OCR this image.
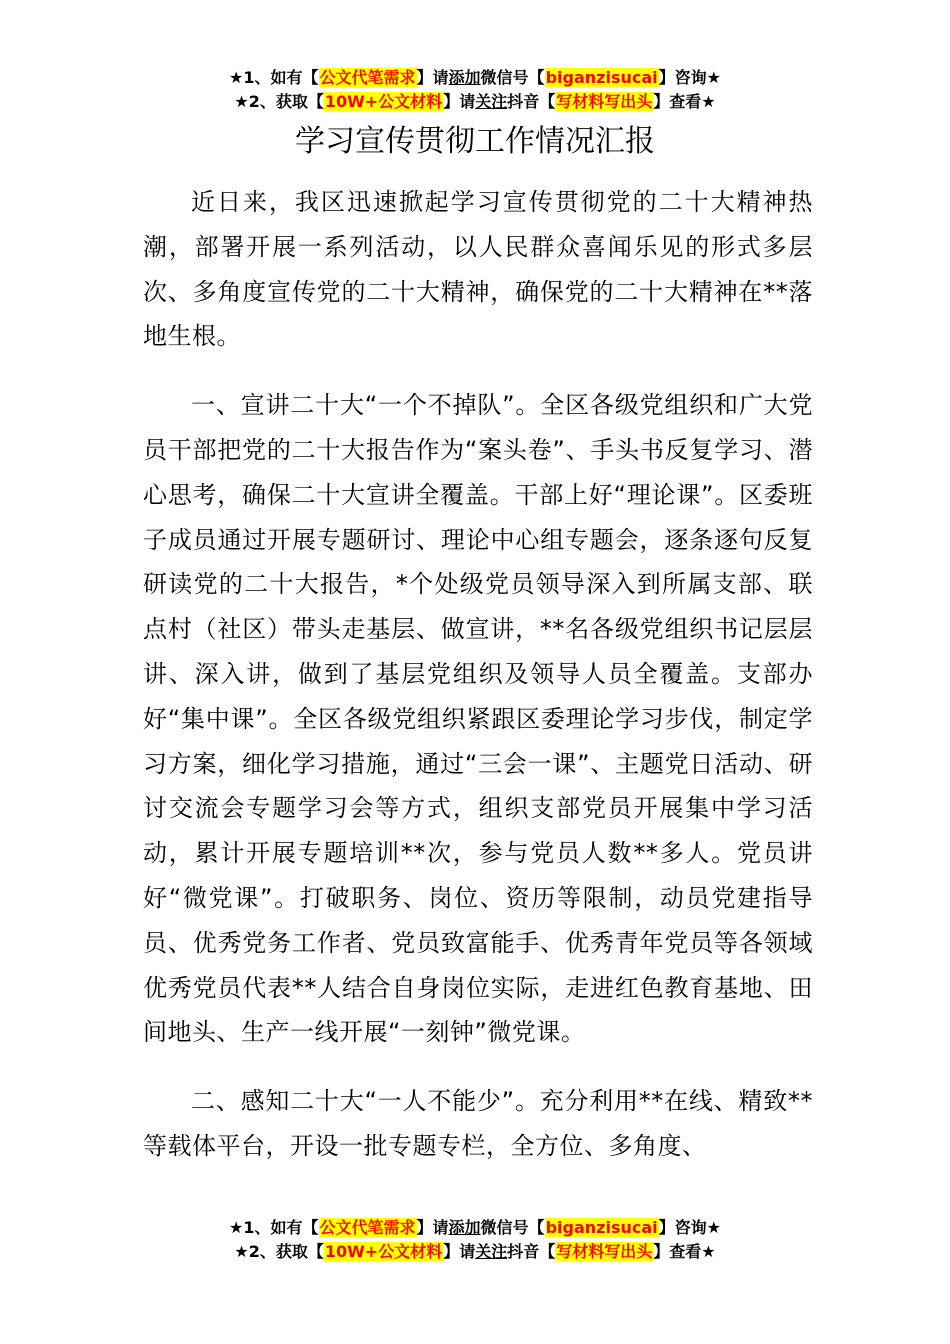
★1、如有【公文代笔需求】请添加微信号【biganzisucai】咨询★
★2、获取【10W+公文材料】请关注抖音【写材料写出头】查看★
学习宣传贯彻工作情况汇报

近日来，我区迅速掀起学习宣传贯彻党的二十大精神热潮，部署开展一系列活动，以人民群众喜闻乐见的形式多层次、多角度宣传党的二十大精神，确保党的二十大精神在**落地生根。

一、宣讲二十大“一个不掉队”。全区各级党组织和广大党员干部把党的二十大报告作为“案头卷”、手头书反复学习、潜心思考，确保二十大宣讲全覆盖。干部上好“理论课”。区委班子成员通过开展专题研讨、理论中心组专题会，逐条逐句反复研读党的二十大报告，*个处级党员领导深入到所属支部、联点村（社区）带头走基层、做宣讲，**名各级党组织书记层层讲、深入讲，做到了基层党组织及领导人员全覆盖。支部办好“集中课”。全区各级党组织紧跟区委理论学习步伐，制定学习方案，细化学习措施，通过“三会一课”、主题党日活动、研讨交流会专题学习会等方式，组织支部党员开展集中学习活动，累计开展专题培训**次，参与党员人数**多人。党员讲好“微党课”。打破职务、岗位、资历等限制，动员党建指导员、优秀党务工作者、党员致富能手、优秀青年党员等各领域优秀党员代表**人结合自身岗位实际，走进红色教育基地、田间地头、生产一线开展“一刻钟”微党课。

二、感知二十大“一人不能少”。充分利用**在线、精致**等载体平台，开设一批专题专栏，全方位、多角度、

★1、如有【公文代笔需求】请添加微信号【biganzisucai】咨询★
★2、获取【10W+公文材料】请关注抖音【写材料写出头】查看★
